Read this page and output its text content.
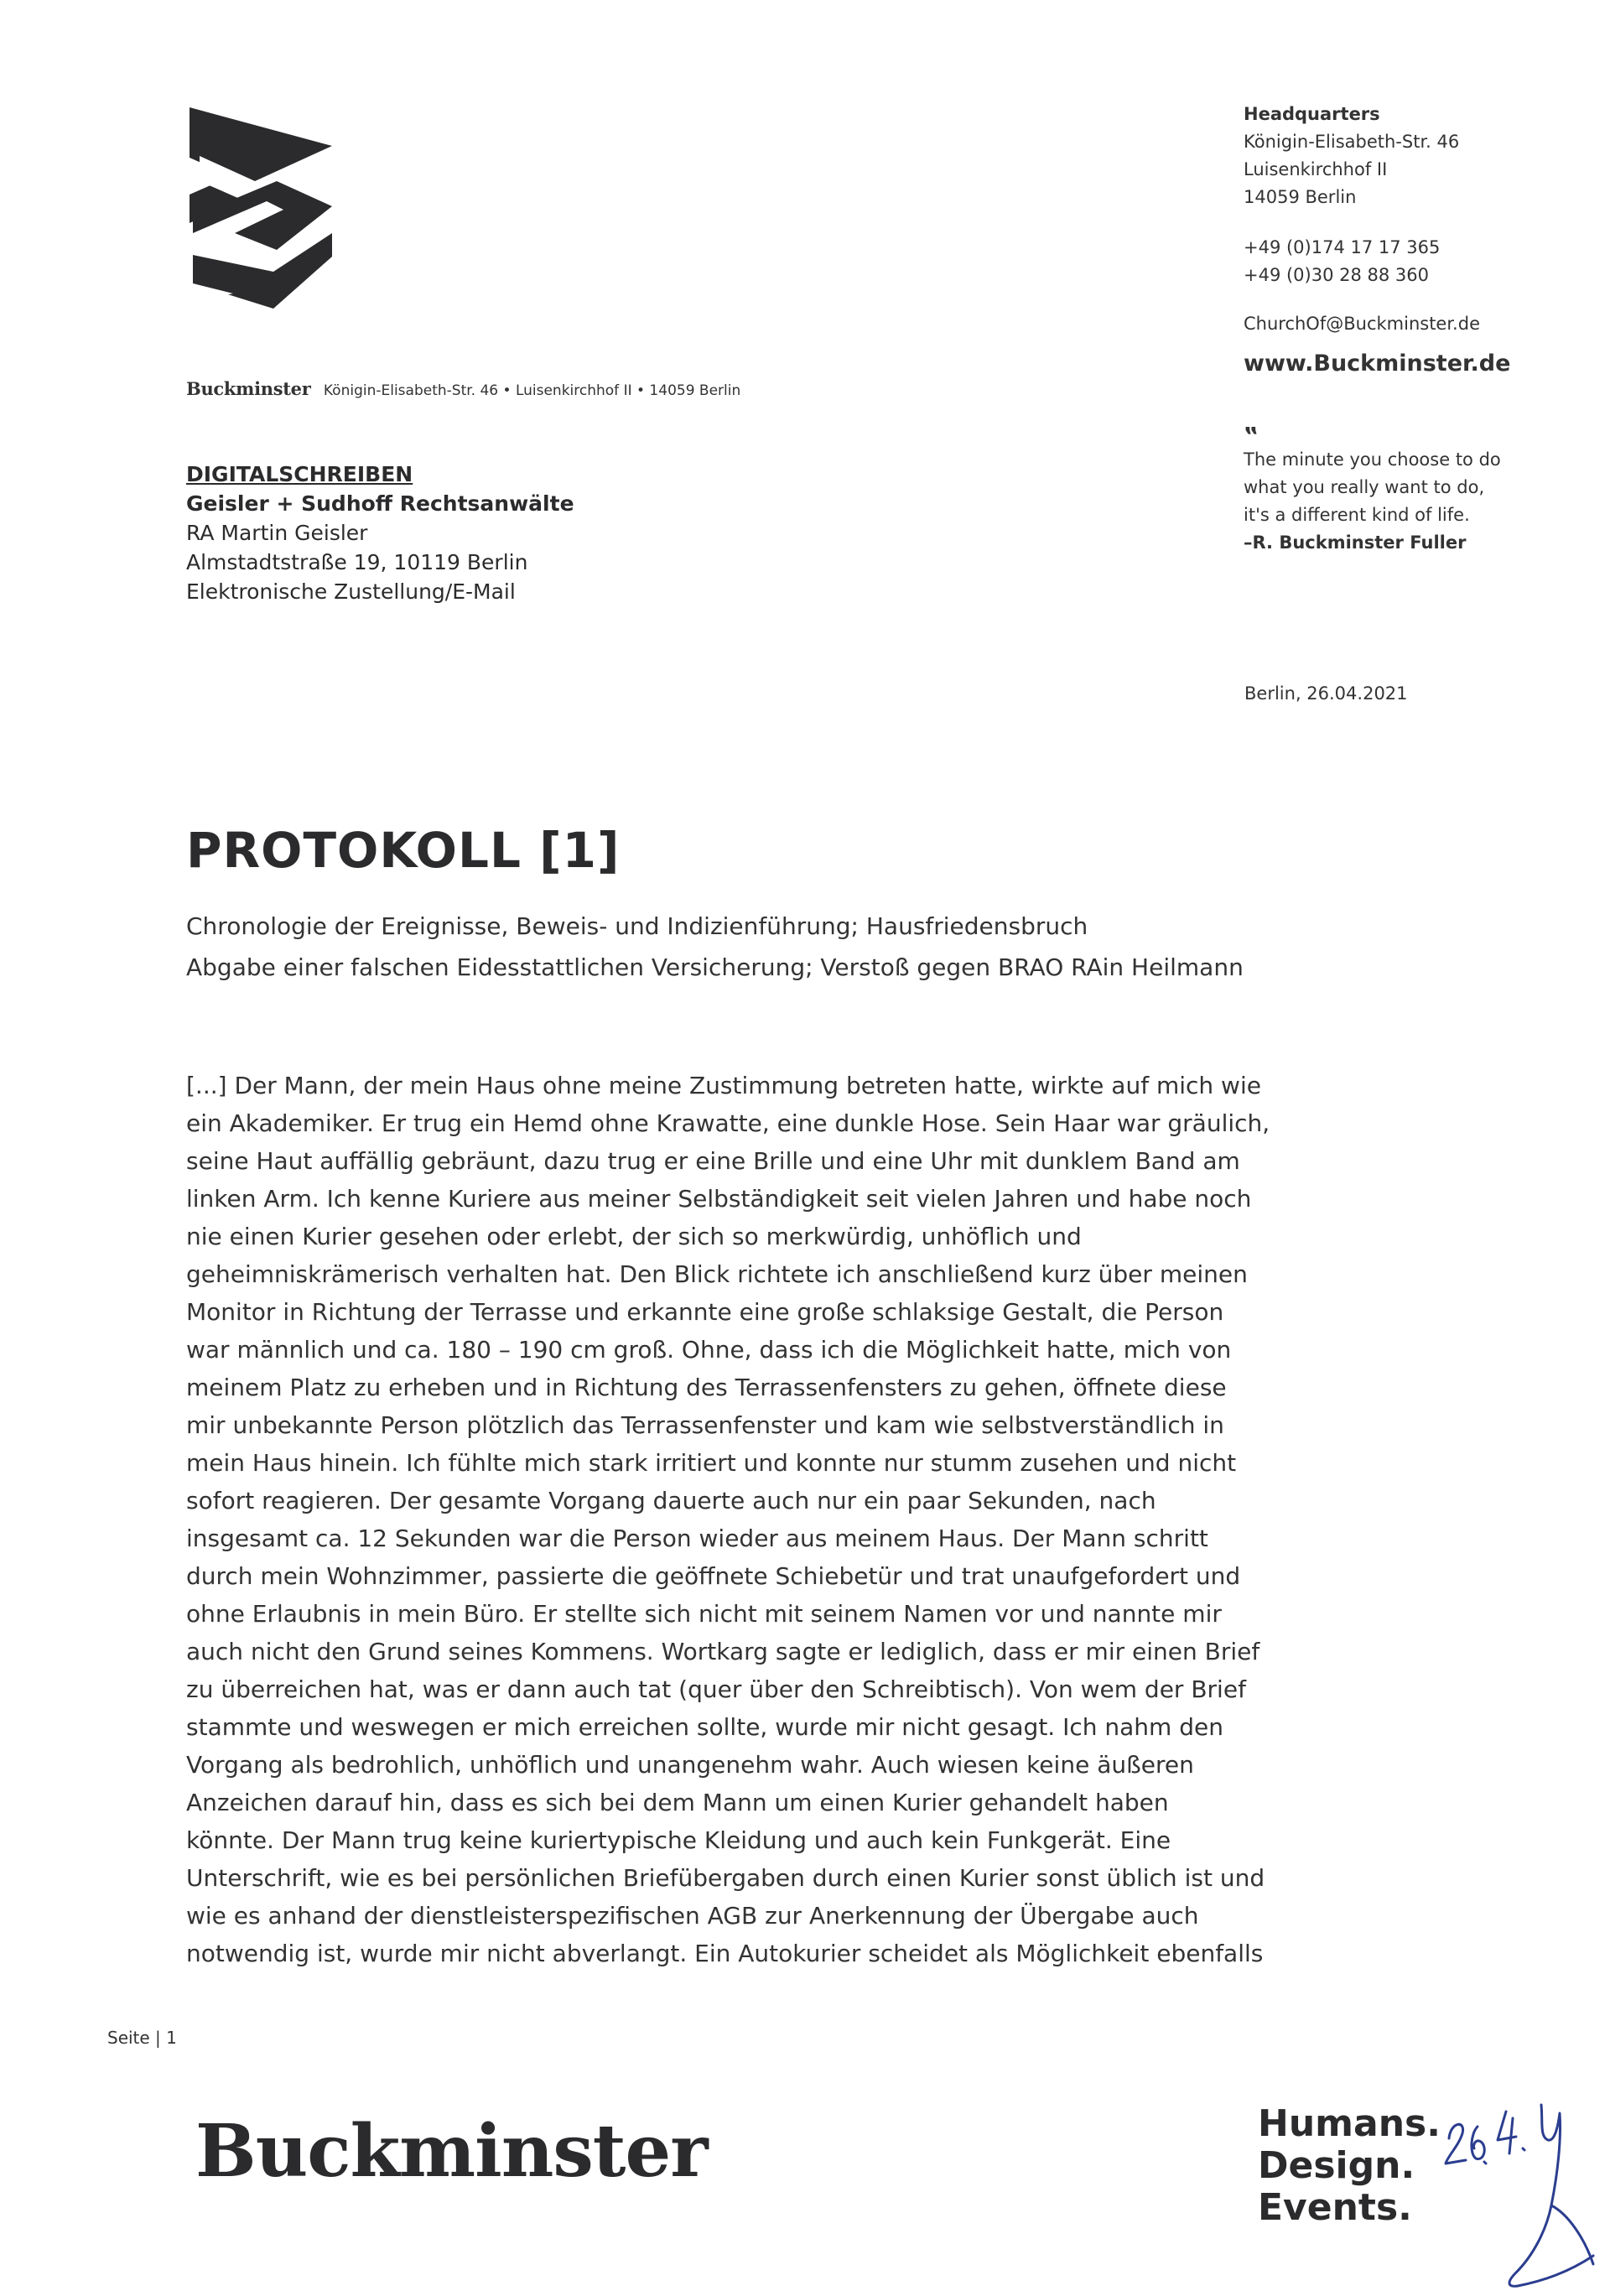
Buckminster Königin-Elisabeth-Str. 46 • Luisenkirchhof II • 14059 Berlin
Headquarters
Königin-Elisabeth-Str. 46
Luisenkirchhof II
14059 Berlin
+49 (0)174 17 17 365
+49 (0)30 28 88 360
ChurchOf@Buckminster.de
www.Buckminster.de
‟
The minute you choose to do
what you really want to do,
it's a different kind of life.
–R. Buckminster Fuller
DIGITALSCHREIBEN
Geisler + Sudhoff Rechtsanwälte
RA Martin Geisler
Almstadtstraße 19, 10119 Berlin
Elektronische Zustellung/E-Mail
Berlin, 26.04.2021
PROTOKOLL [1]
Chronologie der Ereignisse, Beweis- und Indizienführung; Hausfriedensbruch
Abgabe einer falschen Eidesstattlichen Versicherung; Verstoß gegen BRAO RAin Heilmann
[...] Der Mann, der mein Haus ohne meine Zustimmung betreten hatte, wirkte auf mich wie
ein Akademiker. Er trug ein Hemd ohne Krawatte, eine dunkle Hose. Sein Haar war gräulich,
seine Haut auffällig gebräunt, dazu trug er eine Brille und eine Uhr mit dunklem Band am
linken Arm. Ich kenne Kuriere aus meiner Selbständigkeit seit vielen Jahren und habe noch
nie einen Kurier gesehen oder erlebt, der sich so merkwürdig, unhöflich und
geheimniskrämerisch verhalten hat. Den Blick richtete ich anschließend kurz über meinen
Monitor in Richtung der Terrasse und erkannte eine große schlaksige Gestalt, die Person
war männlich und ca. 180 – 190 cm groß. Ohne, dass ich die Möglichkeit hatte, mich von
meinem Platz zu erheben und in Richtung des Terrassenfensters zu gehen, öffnete diese
mir unbekannte Person plötzlich das Terrassenfenster und kam wie selbstverständlich in
mein Haus hinein. Ich fühlte mich stark irritiert und konnte nur stumm zusehen und nicht
sofort reagieren. Der gesamte Vorgang dauerte auch nur ein paar Sekunden, nach
insgesamt ca. 12 Sekunden war die Person wieder aus meinem Haus. Der Mann schritt
durch mein Wohnzimmer, passierte die geöffnete Schiebetür und trat unaufgefordert und
ohne Erlaubnis in mein Büro. Er stellte sich nicht mit seinem Namen vor und nannte mir
auch nicht den Grund seines Kommens. Wortkarg sagte er lediglich, dass er mir einen Brief
zu überreichen hat, was er dann auch tat (quer über den Schreibtisch). Von wem der Brief
stammte und weswegen er mich erreichen sollte, wurde mir nicht gesagt. Ich nahm den
Vorgang als bedrohlich, unhöflich und unangenehm wahr. Auch wiesen keine äußeren
Anzeichen darauf hin, dass es sich bei dem Mann um einen Kurier gehandelt haben
könnte. Der Mann trug keine kuriertypische Kleidung und auch kein Funkgerät. Eine
Unterschrift, wie es bei persönlichen Briefübergaben durch einen Kurier sonst üblich ist und
wie es anhand der dienstleisterspezifischen AGB zur Anerkennung der Übergabe auch
notwendig ist, wurde mir nicht abverlangt. Ein Autokurier scheidet als Möglichkeit ebenfalls
Seite | 1
Buckminster	Humans.
Design.
Events.
